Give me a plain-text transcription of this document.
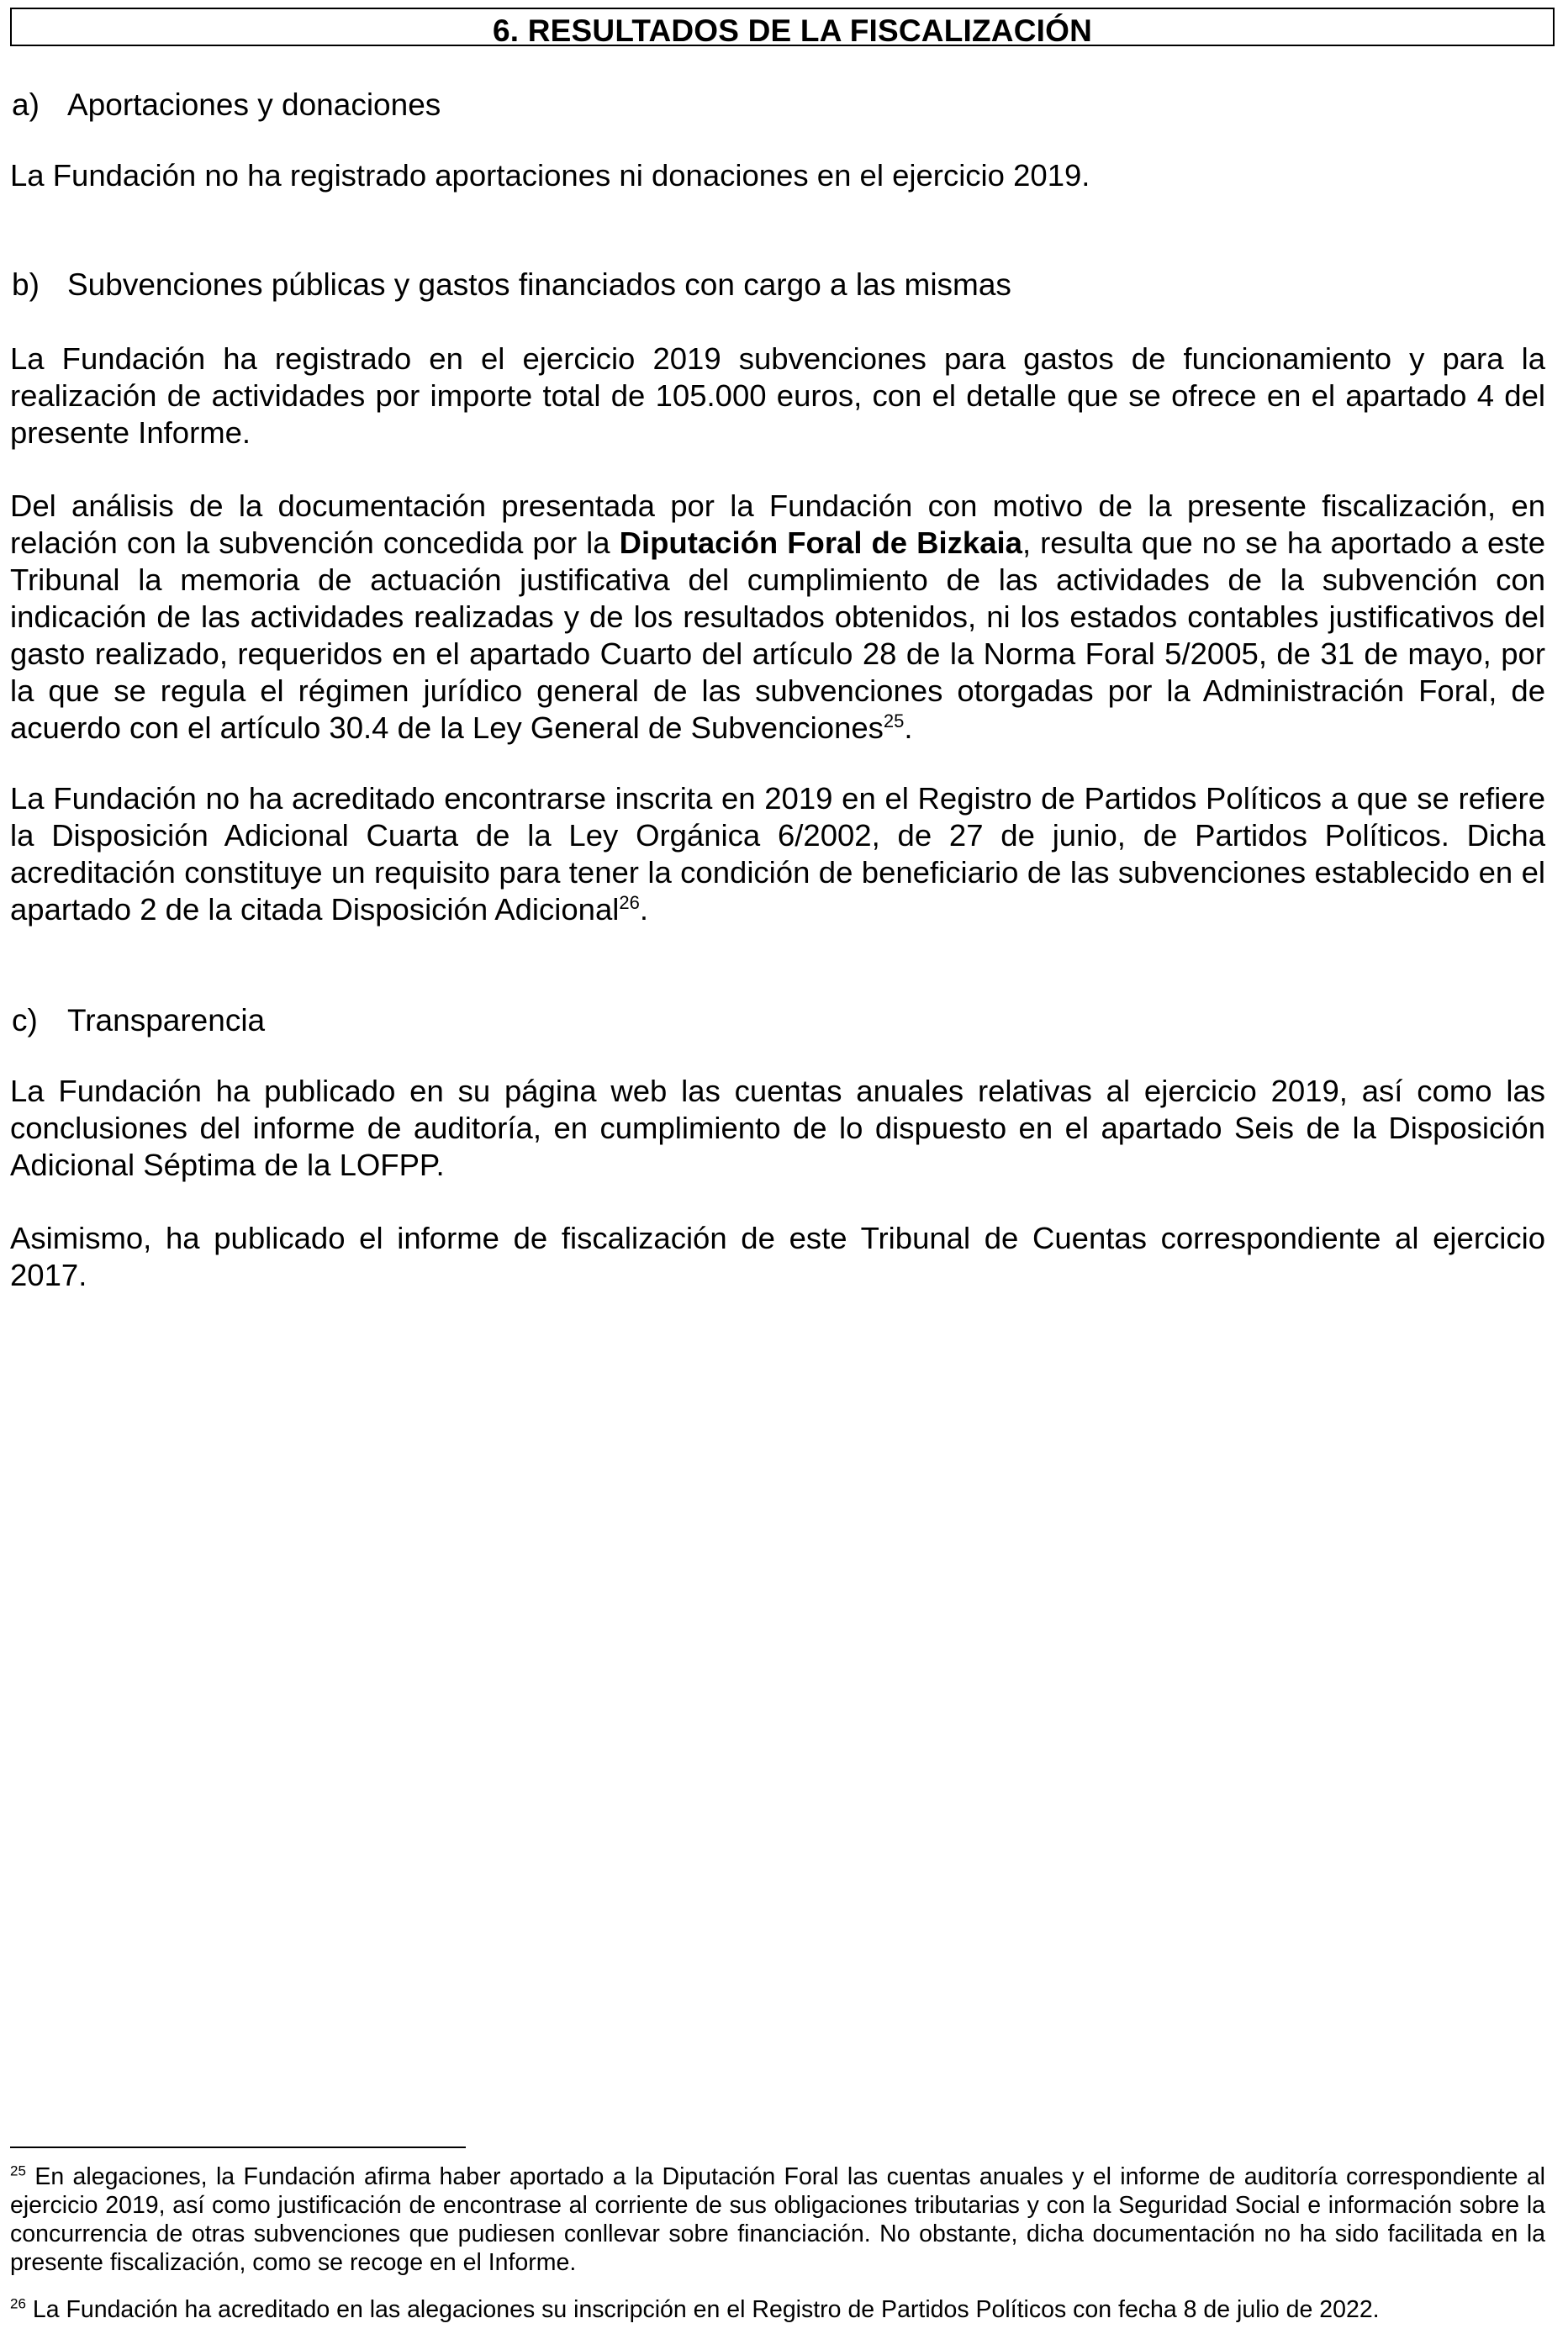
6. RESULTADOS DE LA FISCALIZACIÓN
a) Aportaciones y donaciones

La Fundación no ha registrado aportaciones ni donaciones en el ejercicio 2019.

b) Subvenciones públicas y gastos financiados con cargo a las mismas

La Fundación ha registrado en el ejercicio 2019 subvenciones para gastos de funcionamiento y para la realización de actividades por importe total de 105.000 euros, con el detalle que se ofrece en el apartado 4 del presente Informe.

Del análisis de la documentación presentada por la Fundación con motivo de la presente fiscalización, en relación con la subvención concedida por la Diputación Foral de Bizkaia, resulta que no se ha aportado a este Tribunal la memoria de actuación justificativa del cumplimiento de las actividades de la subvención con indicación de las actividades realizadas y de los resultados obtenidos, ni los estados contables justificativos del gasto realizado, requeridos en el apartado Cuarto del artículo 28 de la Norma Foral 5/2005, de 31 de mayo, por la que se regula el régimen jurídico general de las subvenciones otorgadas por la Administración Foral, de acuerdo con el artículo 30.4 de la Ley General de Subvenciones$^{25}$.

La Fundación no ha acreditado encontrarse inscrita en 2019 en el Registro de Partidos Políticos a que se refiere la Disposición Adicional Cuarta de la Ley Orgánica 6/2002, de 27 de junio, de Partidos Políticos. Dicha acreditación constituye un requisito para tener la condición de beneficiario de las subvenciones establecido en el apartado 2 de la citada Disposición Adicional$^{26}$.

c) Transparencia

La Fundación ha publicado en su página web las cuentas anuales relativas al ejercicio 2019, así como las conclusiones del informe de auditoría, en cumplimiento de lo dispuesto en el apartado Seis de la Disposición Adicional Séptima de la LOFPP.

Asimismo, ha publicado el informe de fiscalización de este Tribunal de Cuentas correspondiente al ejercicio 2017.

$^{25}$ En alegaciones, la Fundación afirma haber aportado a la Diputación Foral las cuentas anuales y el informe de auditoría correspondiente al ejercicio 2019, así como justificación de encontrase al corriente de sus obligaciones tributarias y con la Seguridad Social e información sobre la concurrencia de otras subvenciones que pudiesen conllevar sobre financiación. No obstante, dicha documentación no ha sido facilitada en la presente fiscalización, como se recoge en el Informe.

$^{26}$ La Fundación ha acreditado en las alegaciones su inscripción en el Registro de Partidos Políticos con fecha 8 de julio de 2022.
